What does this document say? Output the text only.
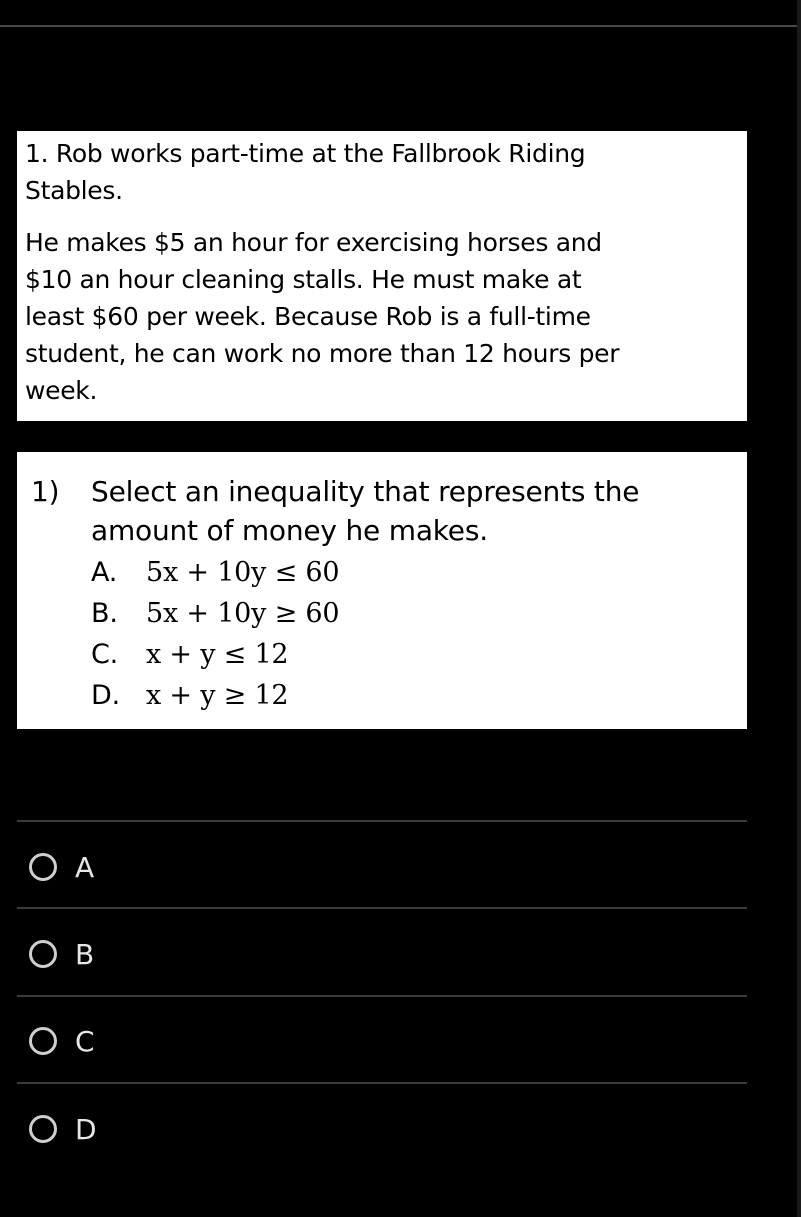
1. Rob works part-time at the Fallbrook Riding

Stables.

He makes $5 an hour for exercising horses and

$10 an hour cleaning stalls. He must make at

least $60 per week. Because Rob is a full-time

student, he can work no more than 12 hours per

week.

1)	Select an inequality that represents the
amount of money he makes.
A.	5x + 10y ≤ 60
B.	5x + 10y ≥ 60
C.	x + y ≤ 12
D. x + y ≥ 12
A
B
C
D
